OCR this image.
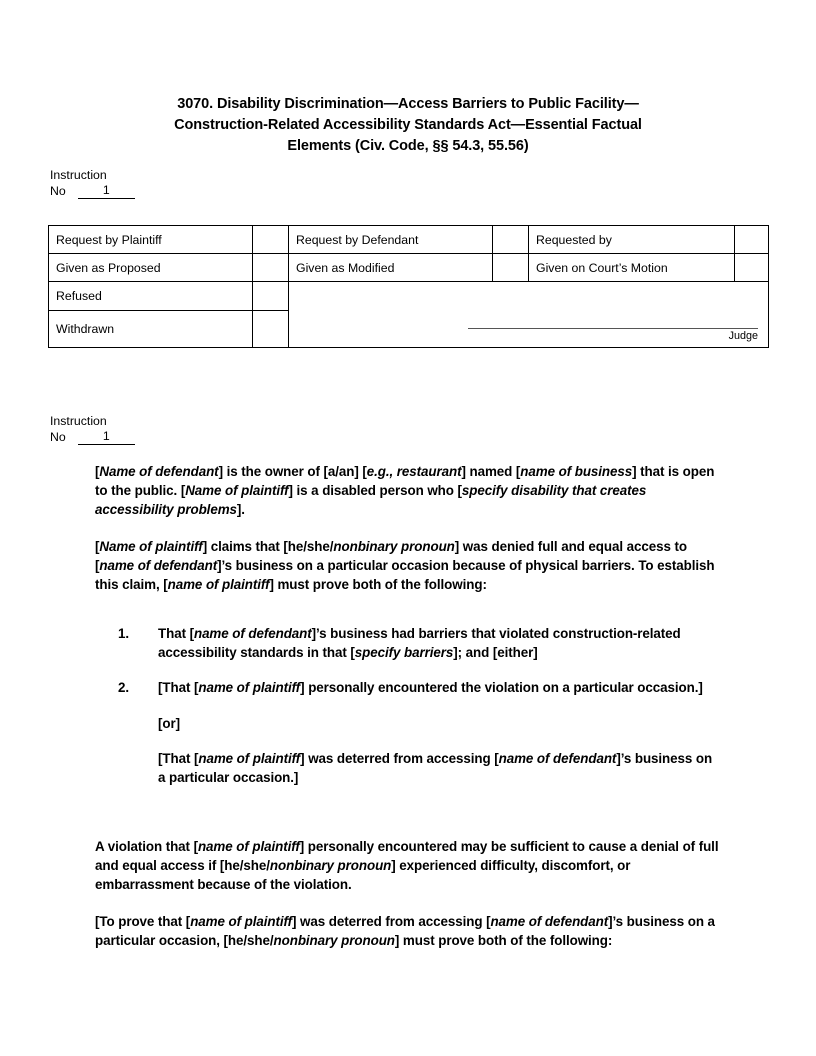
3070. Disability Discrimination—Access Barriers to Public Facility—
Construction-Related Accessibility Standards Act—Essential Factual
Elements (Civ. Code, §§ 54.3, 55.56)
Instruction
No	1
Request by Plaintiff		Request by Defendant		Requested by	
Given as Proposed		Given as Modified		Given on Court’s Motion	
Refused		Judge			

Withdrawn					
Instruction
No	1

[Name of defendant] is the owner of [a/an] [e.g., restaurant] named [name of business] that is open to the public. [Name of plaintiff] is a disabled person who [specify disability that creates accessibility problems].

[Name of plaintiff] claims that [he/she/nonbinary pronoun] was denied full and equal access to [name of defendant]’s business on a particular occasion because of physical barriers. To establish this claim, [name of plaintiff] must prove both of the following:

1.	That [name of defendant]’s business had barriers that violated construction-related accessibility standards in that [specify barriers]; and [either]
2.	[That [name of plaintiff] personally encountered the violation on a particular occasion.]
[or]
[That [name of plaintiff] was deterred from accessing [name of defendant]’s business on a particular occasion.]

A violation that [name of plaintiff] personally encountered may be sufficient to cause a denial of full and equal access if [he/she/nonbinary pronoun] experienced difficulty, discomfort, or embarrassment because of the violation.

[To prove that [name of plaintiff] was deterred from accessing [name of defendant]’s business on a particular occasion, [he/she/nonbinary pronoun] must prove both of the following:
